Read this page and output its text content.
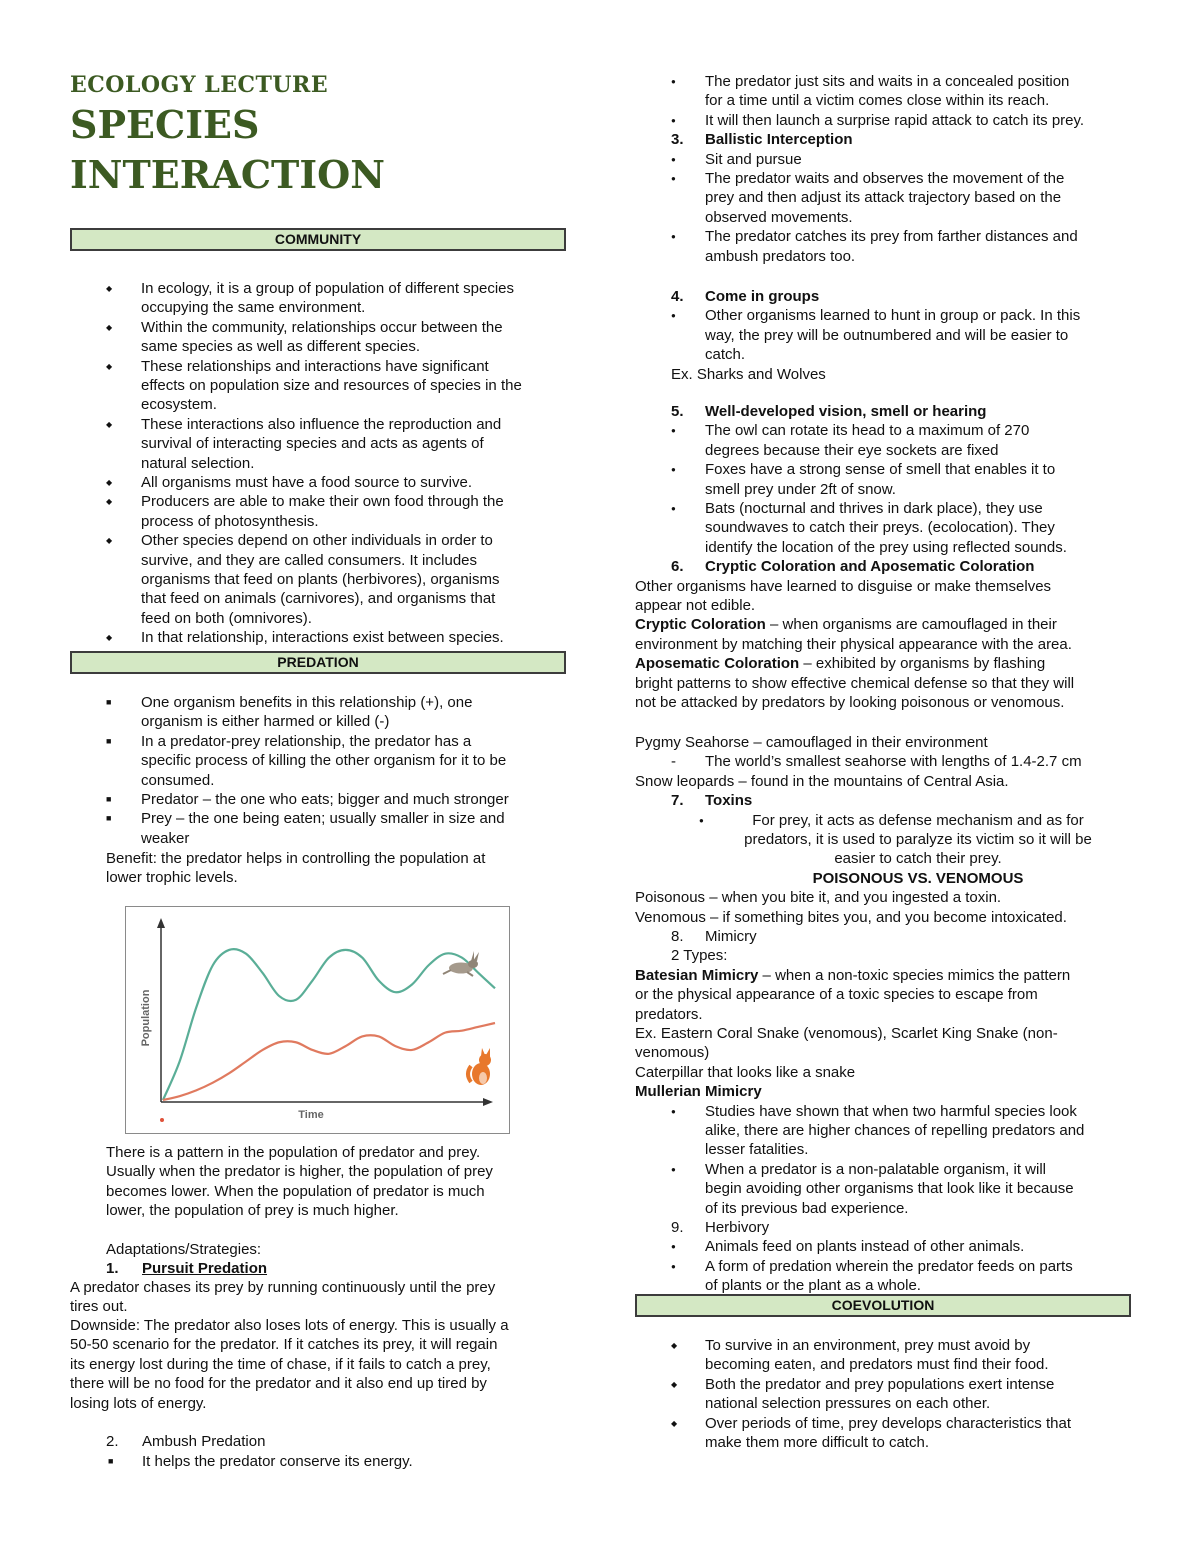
ECOLOGY LECTURE
SPECIES
INTERACTION
COMMUNITY
PREDATION
Population
Time
Adaptations/Strategies:
1. Pursuit Predation
2. Ambush Predation
■ It helps the predator conserve its energy.
◆ In ecology, it is a group of population of different species
occupying the same environment.
◆ Within the community, relationships occur between the
same species as well as different species.
◆ These relationships and interactions have significant
effects on population size and resources of species in the
ecosystem.
◆ These interactions also influence the reproduction and
survival of interacting species and acts as agents of
natural selection.
◆ All organisms must have a food source to survive.
◆ Producers are able to make their own food through the
process of photosynthesis.
◆ Other species depend on other individuals in order to
survive, and they are called consumers. It includes
organisms that feed on plants (herbivores), organisms
that feed on animals (carnivores), and organisms that
feed on both (omnivores).
◆ In that relationship, interactions exist between species.
■ One organism benefits in this relationship (+), one
organism is either harmed or killed (-)
■ In a predator-prey relationship, the predator has a
specific process of killing the other organism for it to be
consumed.
■ Predator – the one who eats; bigger and much stronger
■ Prey – the one being eaten; usually smaller in size and
weaker
Benefit: the predator helps in controlling the population at
lower trophic levels.
There is a pattern in the population of predator and prey.
Usually when the predator is higher, the population of prey
becomes lower. When the population of predator is much
lower, the population of prey is much higher.
A predator chases its prey by running continuously until the prey
tires out.
Downside: The predator also loses lots of energy. This is usually a
50-50 scenario for the predator. If it catches its prey, it will regain
its energy lost during the time of chase, if it fails to catch a prey,
there will be no food for the predator and it also end up tired by
losing lots of energy.
● The predator just sits and waits in a concealed position
for a time until a victim comes close within its reach.
● It will then launch a surprise rapid attack to catch its prey.
3. Ballistic Interception
● Sit and pursue
● The predator waits and observes the movement of the
prey and then adjust its attack trajectory based on the
observed movements.
● The predator catches its prey from farther distances and
ambush predators too.
4. Come in groups
● Other organisms learned to hunt in group or pack. In this
way, the prey will be outnumbered and will be easier to
catch.
Ex. Sharks and Wolves
5. Well-developed vision, smell or hearing
● The owl can rotate its head to a maximum of 270
degrees because their eye sockets are fixed
● Foxes have a strong sense of smell that enables it to
smell prey under 2ft of snow.
● Bats (nocturnal and thrives in dark place), they use
soundwaves to catch their preys. (ecolocation). They
identify the location of the prey using reflected sounds.
6. Cryptic Coloration and Aposematic Coloration
Other organisms have learned to disguise or make themselves
appear not edible.
Cryptic Coloration – when organisms are camouflaged in their
environment by matching their physical appearance with the area.
Aposematic Coloration – exhibited by organisms by flashing
bright patterns to show effective chemical defense so that they will
not be attacked by predators by looking poisonous or venomous.
Pygmy Seahorse – camouflaged in their environment
- The world’s smallest seahorse with lengths of 1.4-2.7 cm
Snow leopards – found in the mountains of Central Asia.
7. Toxins
●	For prey, it acts as defense mechanism and as for
predators, it is used to paralyze its victim so it will be
easier to catch their prey.
POISONOUS VS. VENOMOUS
Poisonous – when you bite it, and you ingested a toxin.
Venomous – if something bites you, and you become intoxicated.
8. Mimicry
2 Types:
Batesian Mimicry – when a non-toxic species mimics the pattern
or the physical appearance of a toxic species to escape from
predators.
Ex. Eastern Coral Snake (venomous), Scarlet King Snake (non-
venomous)
Caterpillar that looks like a snake
Mullerian Mimicry
● Studies have shown that when two harmful species look
alike, there are higher chances of repelling predators and
lesser fatalities.
● When a predator is a non-palatable organism, it will
begin avoiding other organisms that look like it because
of its previous bad experience.
9. Herbivory
● Animals feed on plants instead of other animals.
● A form of predation wherein the predator feeds on parts
of plants or the plant as a whole.
COEVOLUTION
◆ To survive in an environment, prey must avoid by
becoming eaten, and predators must find their food.
◆ Both the predator and prey populations exert intense
national selection pressures on each other.
◆ Over periods of time, prey develops characteristics that
make them more difficult to catch.
